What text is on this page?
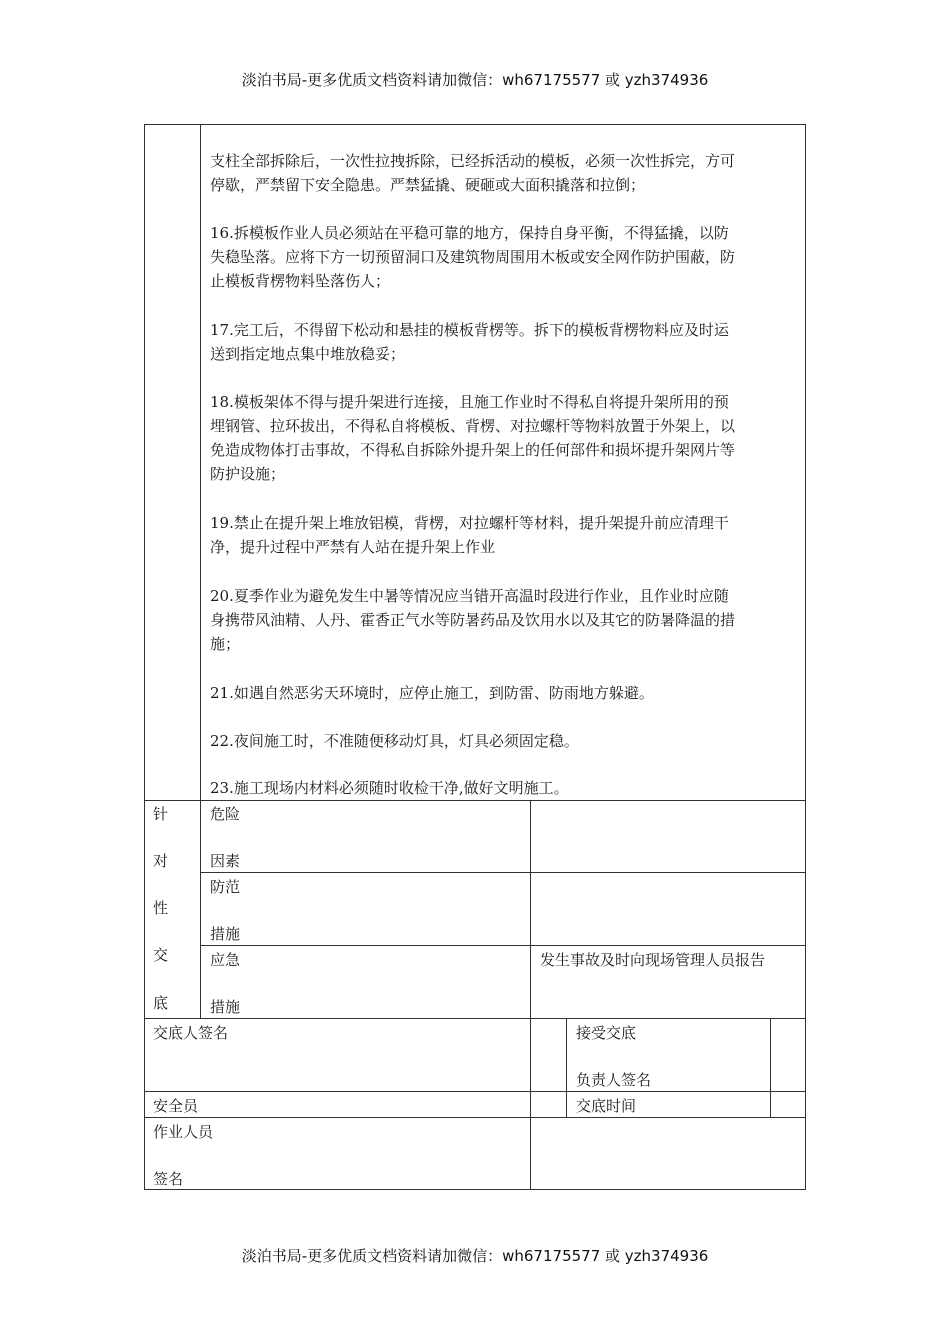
淡泊书局-更多优质文档资料请加微信：wh67175577 或 yzh374936
支柱全部拆除后，一次性拉拽拆除，已经拆活动的模板，必须一次性拆完，方可
停歇，严禁留下安全隐患。严禁猛撬、硬砸或大面积撬落和拉倒；
16.拆模板作业人员必须站在平稳可靠的地方，保持自身平衡，不得猛撬，以防
失稳坠落。应将下方一切预留洞口及建筑物周围用木板或安全网作防护围蔽，防
止模板背楞物料坠落伤人；
17.完工后，不得留下松动和悬挂的模板背楞等。拆下的模板背楞物料应及时运
送到指定地点集中堆放稳妥；
18.模板架体不得与提升架进行连接，且施工作业时不得私自将提升架所用的预
埋钢管、拉环拔出，不得私自将模板、背楞、对拉螺杆等物料放置于外架上，以
免造成物体打击事故，不得私自拆除外提升架上的任何部件和损坏提升架网片等
防护设施；
19.禁止在提升架上堆放铝模，背楞，对拉螺杆等材料，提升架提升前应清理干
净，提升过程中严禁有人站在提升架上作业
20.夏季作业为避免发生中暑等情况应当错开高温时段进行作业，且作业时应随
身携带风油精、人丹、霍香正气水等防暑药品及饮用水以及其它的防暑降温的措
施；
21.如遇自然恶劣天环境时，应停止施工，到防雷、防雨地方躲避。
22.夜间施工时，不准随便移动灯具，灯具必须固定稳。
23.施工现场内材料必须随时收检干净,做好文明施工。
针
对
性
交
底
危险
因素
防范
措施
应急
措施
发生事故及时向现场管理人员报告
交底人签名	接受交底
负责人签名
安全员	交底时间
作业人员
签名
淡泊书局-更多优质文档资料请加微信：wh67175577 或 yzh374936
